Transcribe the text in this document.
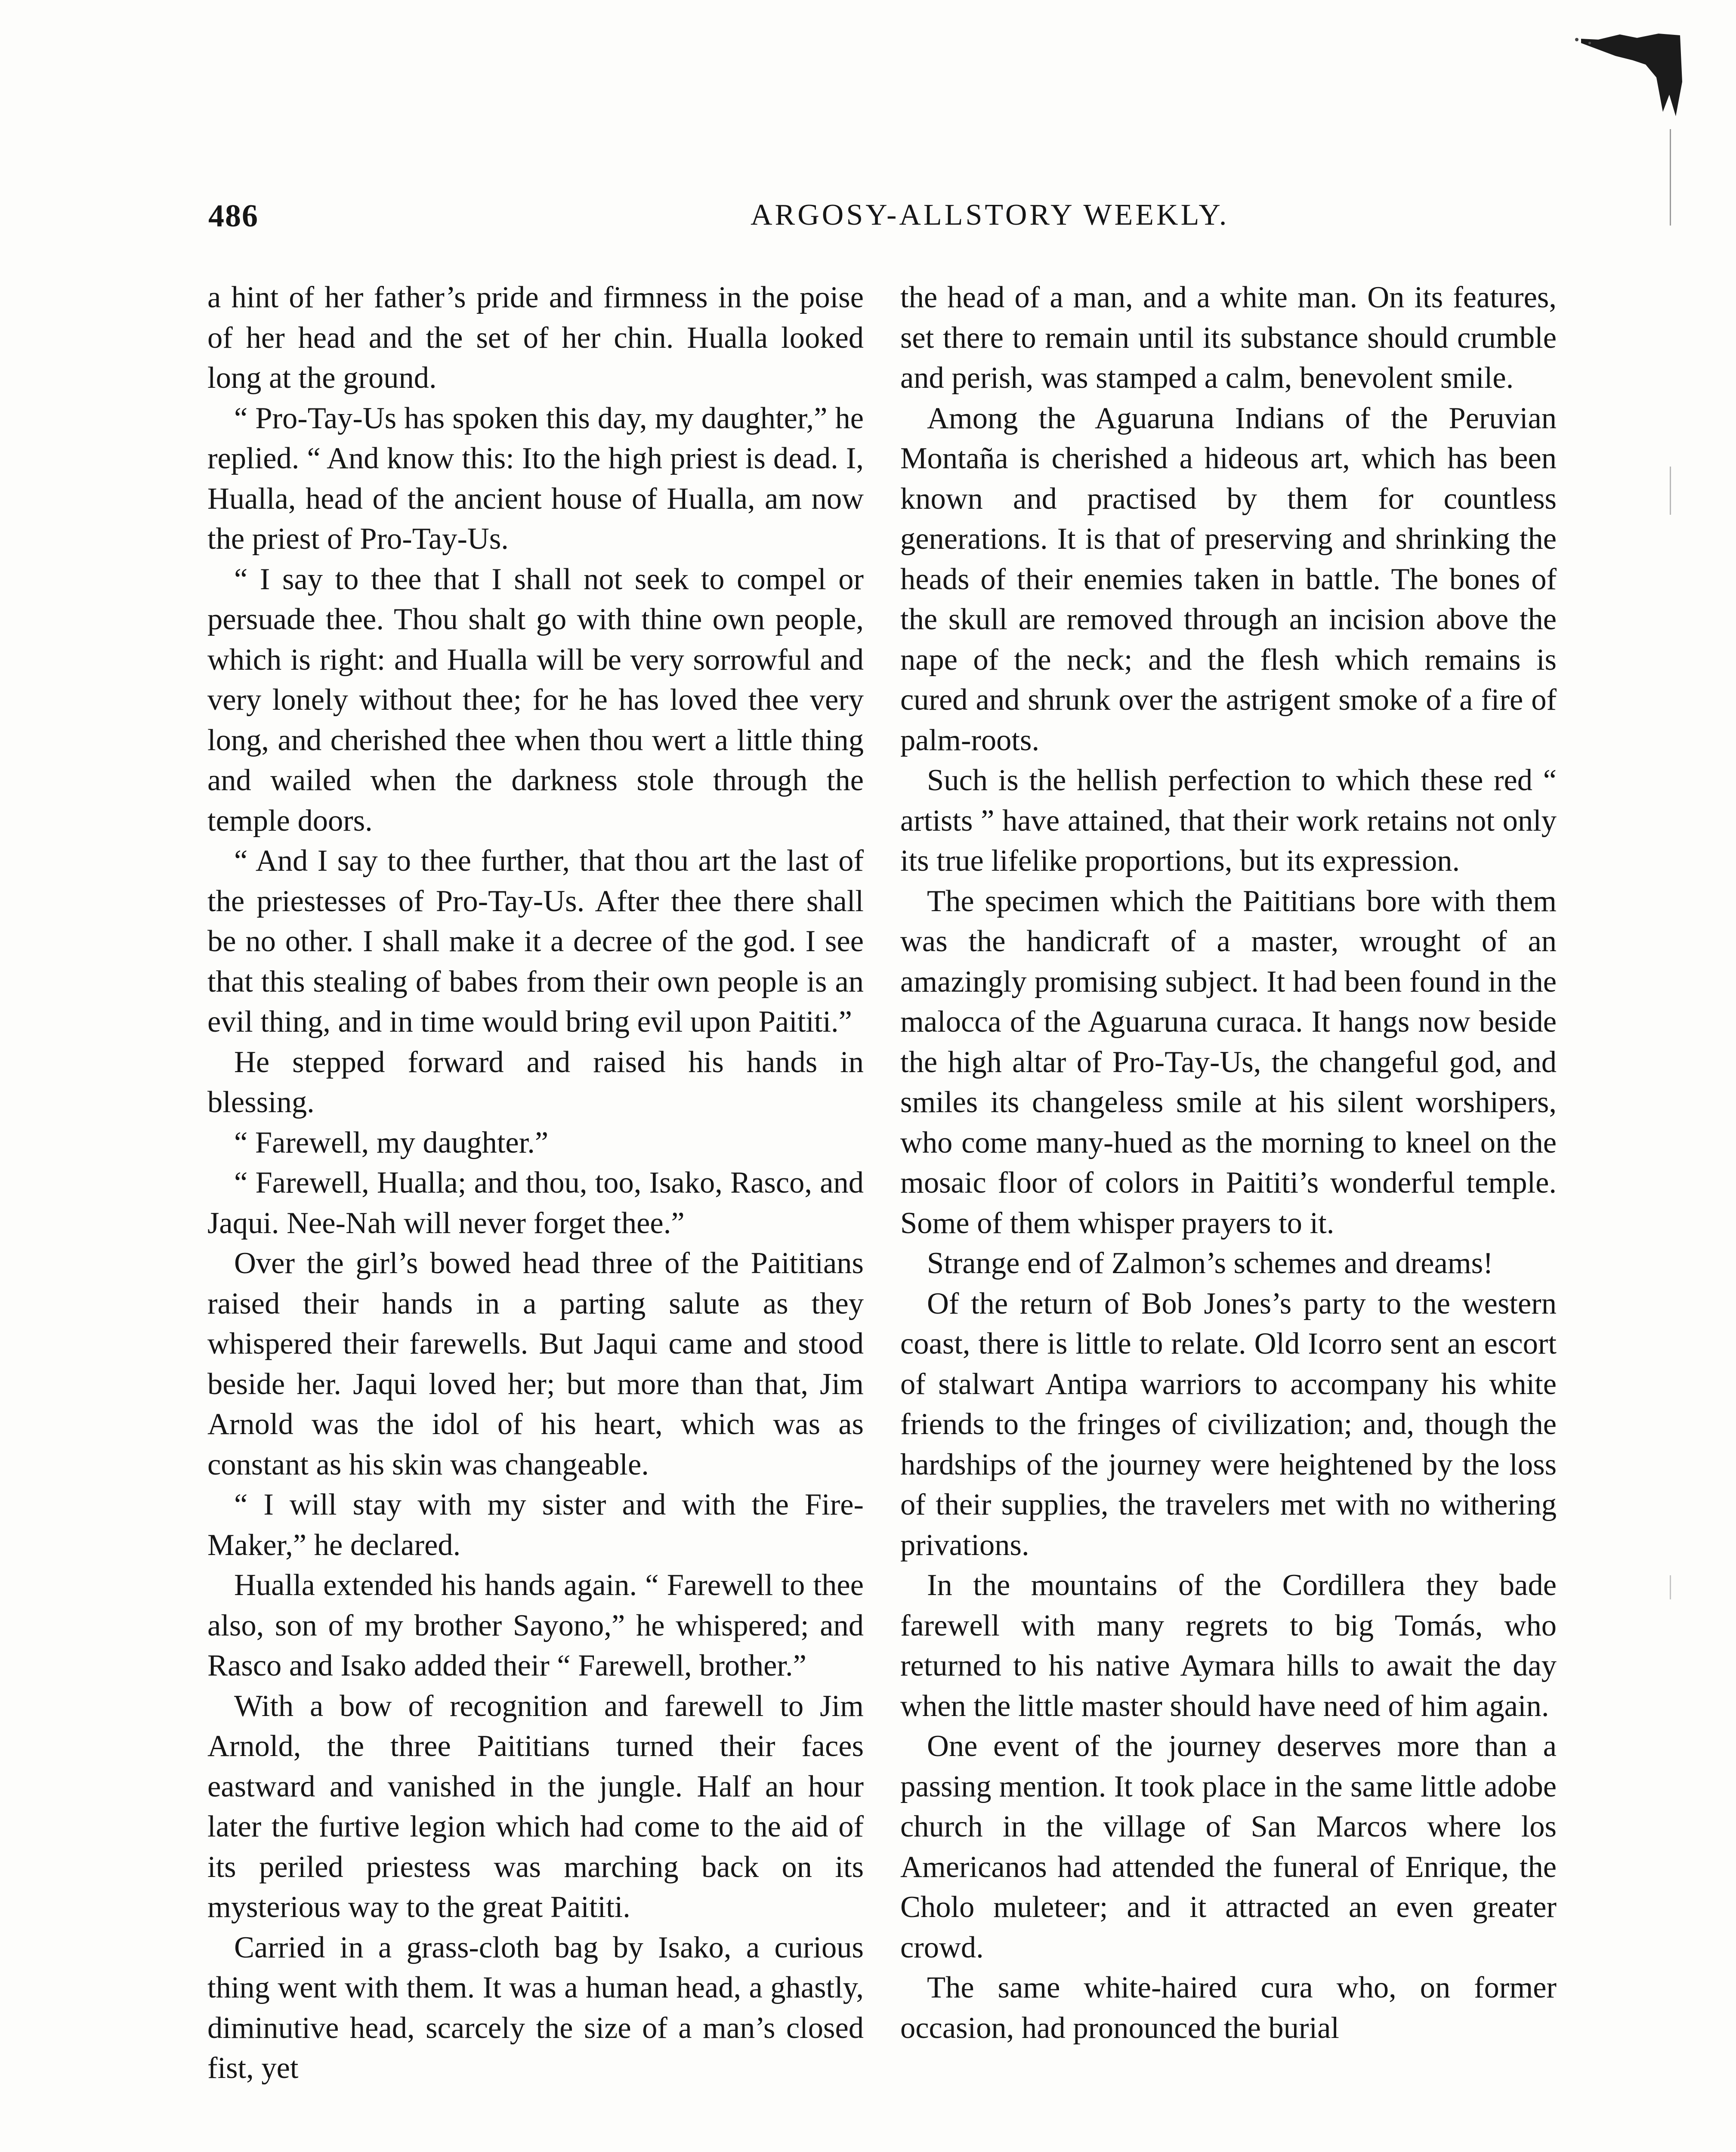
486	ARGOSY-ALLSTORY WEEKLY.

a hint of her father’s pride and firmness in the poise of her head and the set of her chin. Hualla looked long at the ground.

“ Pro-Tay-Us has spoken this day, my daughter,” he replied. “ And know this: Ito the high priest is dead. I, Hualla, head of the ancient house of Hualla, am now the priest of Pro-Tay-Us.

“ I say to thee that I shall not seek to compel or persuade thee. Thou shalt go with thine own people, which is right: and Hualla will be very sorrowful and very lonely without thee; for he has loved thee very long, and cherished thee when thou wert a little thing and wailed when the darkness stole through the temple doors.

“ And I say to thee further, that thou art the last of the priestesses of Pro-Tay-Us. After thee there shall be no other. I shall make it a decree of the god. I see that this stealing of babes from their own people is an evil thing, and in time would bring evil upon Paititi.”

He stepped forward and raised his hands in blessing.

“ Farewell, my daughter.”

“ Farewell, Hualla; and thou, too, Isako, Rasco, and Jaqui. Nee-Nah will never forget thee.”

Over the girl’s bowed head three of the Paititians raised their hands in a parting salute as they whispered their farewells. But Jaqui came and stood beside her. Jaqui loved her; but more than that, Jim Arnold was the idol of his heart, which was as constant as his skin was changeable.

“ I will stay with my sister and with the Fire-Maker,” he declared.

Hualla extended his hands again. “ Farewell to thee also, son of my brother Sayono,” he whispered; and Rasco and Isako added their “ Farewell, brother.”

With a bow of recognition and farewell to Jim Arnold, the three Paititians turned their faces eastward and vanished in the jungle. Half an hour later the furtive legion which had come to the aid of its periled priestess was marching back on its mysterious way to the great Paititi.

Carried in a grass-cloth bag by Isako, a curious thing went with them. It was a human head, a ghastly, diminutive head, scarcely the size of a man’s closed fist, yet

the head of a man, and a white man. On its features, set there to remain until its substance should crumble and perish, was stamped a calm, benevolent smile.

Among the Aguaruna Indians of the Peruvian Montaña is cherished a hideous art, which has been known and practised by them for countless generations. It is that of preserving and shrinking the heads of their enemies taken in battle. The bones of the skull are removed through an incision above the nape of the neck; and the flesh which remains is cured and shrunk over the astrigent smoke of a fire of palm-roots.

Such is the hellish perfection to which these red “ artists ” have attained, that their work retains not only its true lifelike proportions, but its expression.

The specimen which the Paititians bore with them was the handicraft of a master, wrought of an amazingly promising subject. It had been found in the malocca of the Aguaruna curaca. It hangs now beside the high altar of Pro-Tay-Us, the changeful god, and smiles its changeless smile at his silent worshipers, who come many-hued as the morning to kneel on the mosaic floor of colors in Paititi’s wonderful temple. Some of them whisper prayers to it.

Strange end of Zalmon’s schemes and dreams!

Of the return of Bob Jones’s party to the western coast, there is little to relate. Old Icorro sent an escort of stalwart Antipa warriors to accompany his white friends to the fringes of civilization; and, though the hardships of the journey were heightened by the loss of their supplies, the travelers met with no withering privations.

In the mountains of the Cordillera they bade farewell with many regrets to big Tomás, who returned to his native Aymara hills to await the day when the little master should have need of him again.

One event of the journey deserves more than a passing mention. It took place in the same little adobe church in the village of San Marcos where los Americanos had attended the funeral of Enrique, the Cholo muleteer; and it attracted an even greater crowd.

The same white-haired cura who, on former occasion, had pronounced the burial
